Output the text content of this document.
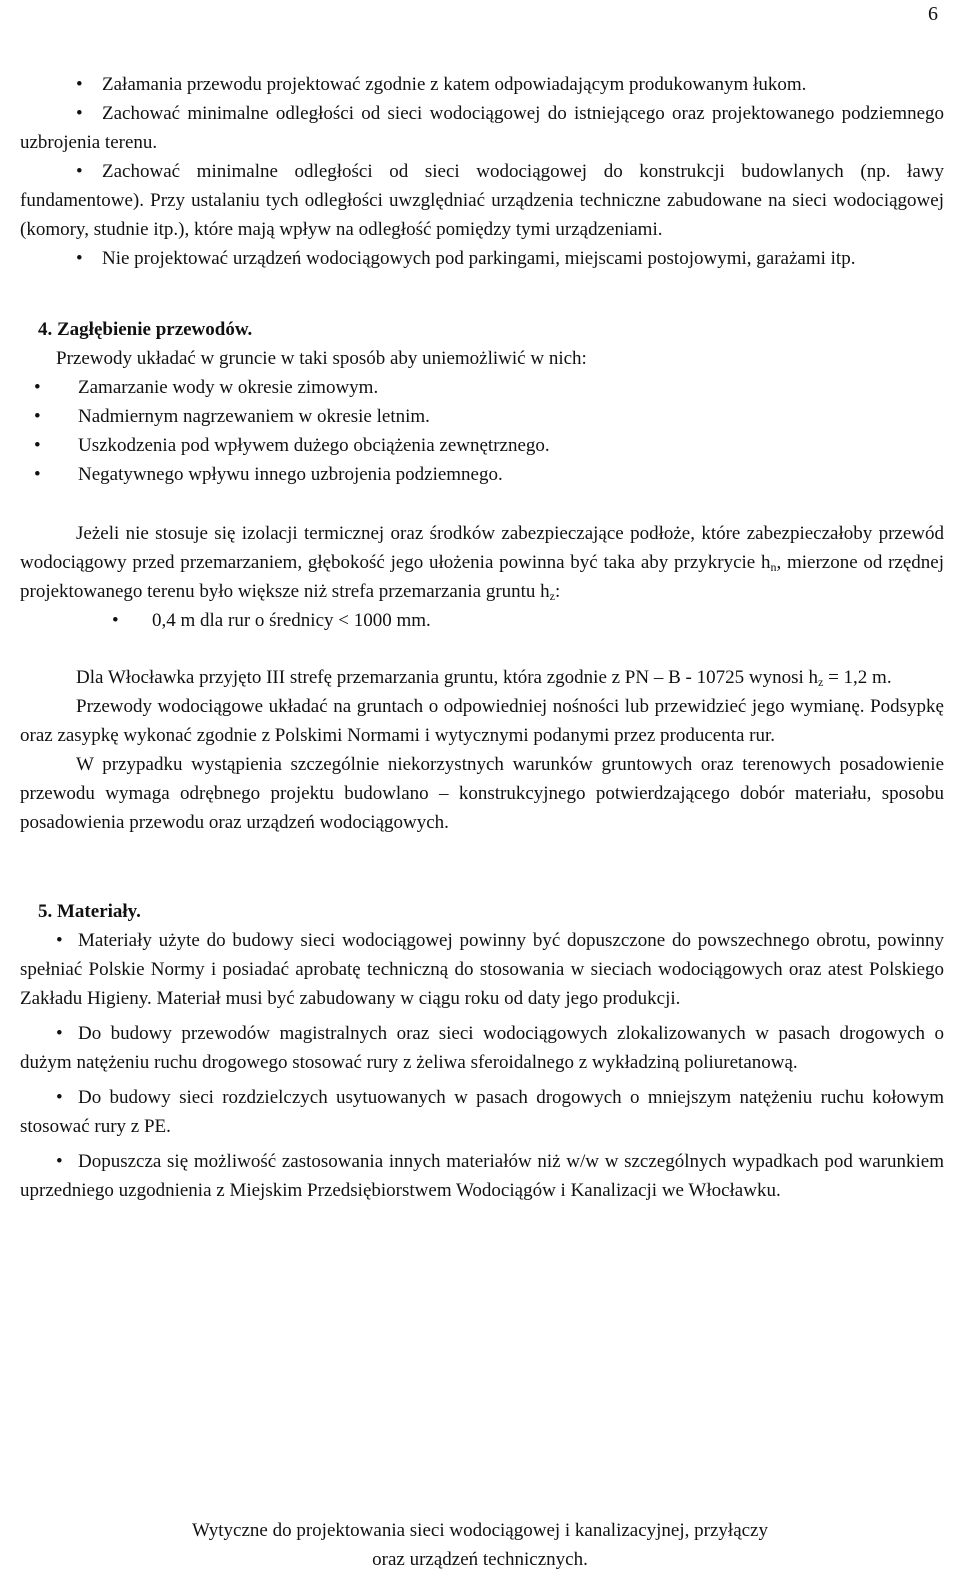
6

• Załamania przewodu projektować zgodnie z katem odpowiadającym produkowanym łukom.

• Zachować minimalne odległości od sieci wodociągowej do istniejącego oraz projektowanego podziemnego uzbrojenia terenu.

• Zachować minimalne odległości od sieci wodociągowej do konstrukcji budowlanych (np. ławy fundamentowe). Przy ustalaniu tych odległości uwzględniać urządzenia techniczne zabudowane na sieci wodociągowej (komory, studnie itp.), które mają wpływ na odległość pomiędzy tymi urządzeniami.

• Nie projektować urządzeń wodociągowych pod parkingami, miejscami postojowymi, garażami itp.

4. Zagłębienie przewodów.

Przewody układać w gruncie w taki sposób aby uniemożliwić w nich:

• Zamarzanie wody w okresie zimowym.

• Nadmiernym nagrzewaniem w okresie letnim.

• Uszkodzenia pod wpływem dużego obciążenia zewnętrznego.

• Negatywnego wpływu innego uzbrojenia podziemnego.

Jeżeli nie stosuje się izolacji termicznej oraz środków zabezpieczające podłoże, które zabezpieczałoby przewód wodociągowy przed przemarzaniem, głębokość jego ułożenia powinna być taka aby przykrycie $h_n$, mierzone od rzędnej projektowanego terenu było większe niż strefa przemarzania gruntu $h_z$:

• 0,4 m dla rur o średnicy < 1000 mm.

Dla Włocławka przyjęto III strefę przemarzania gruntu, która zgodnie z PN – B - 10725 wynosi $h_z = 1,2$ m.

Przewody wodociągowe układać na gruntach o odpowiedniej nośności lub przewidzieć jego wymianę. Podsypkę oraz zasypkę wykonać zgodnie z Polskimi Normami i wytycznymi podanymi przez producenta rur.

W przypadku wystąpienia szczególnie niekorzystnych warunków gruntowych oraz terenowych posadowienie przewodu wymaga odrębnego projektu budowlano – konstrukcyjnego potwierdzającego dobór materiału, sposobu posadowienia przewodu oraz urządzeń wodociągowych.

5. Materiały.

• Materiały użyte do budowy sieci wodociągowej powinny być dopuszczone do powszechnego obrotu, powinny spełniać Polskie Normy i posiadać aprobatę techniczną do stosowania w sieciach wodociągowych oraz atest Polskiego Zakładu Higieny. Materiał musi być zabudowany w ciągu roku od daty jego produkcji.

• Do budowy przewodów magistralnych oraz sieci wodociągowych zlokalizowanych w pasach drogowych o dużym natężeniu ruchu drogowego stosować rury z żeliwa sferoidalnego z wykładziną poliuretanową.

• Do budowy sieci rozdzielczych usytuowanych w pasach drogowych o mniejszym natężeniu ruchu kołowym stosować rury z PE.

• Dopuszcza się możliwość zastosowania innych materiałów niż w/w w szczególnych wypadkach pod warunkiem uprzedniego uzgodnienia z Miejskim Przedsiębiorstwem Wodociągów i Kanalizacji we Włocławku.

Wytyczne do projektowania sieci wodociągowej i kanalizacyjnej, przyłączy
oraz urządzeń technicznych.
